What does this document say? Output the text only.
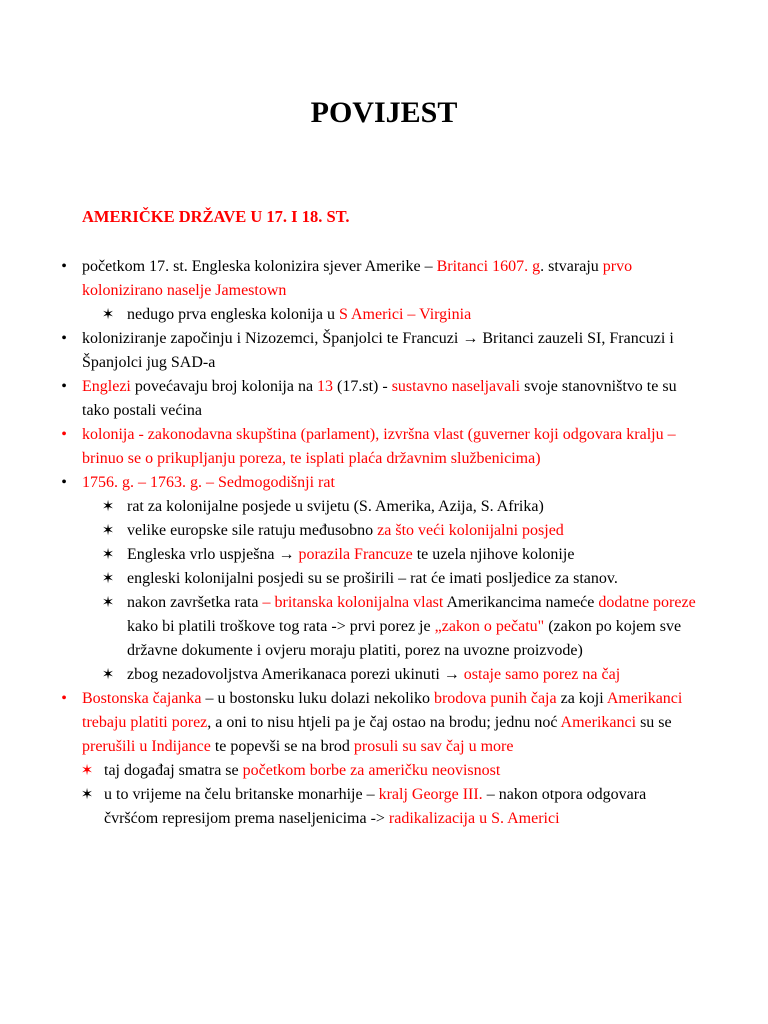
POVIJEST
AMERIČKE DRŽAVE U 17. I 18. ST.
• početkom 17. st. Engleska kolonizira sjever Amerike – Britanci 1607. g. stvaraju prvo kolonizirano naselje Jamestown
✶ nedugo prva engleska kolonija u S Americi – Virginia
• koloniziranje započinju i Nizozemci, Španjolci te Francuzi → Britanci zauzeli SI, Francuzi i Španjolci jug SAD-a
• Englezi povećavaju broj kolonija na 13 (17.st) - sustavno naseljavali svoje stanovništvo te su tako postali većina
• kolonija - zakonodavna skupština (parlament), izvršna vlast (guverner koji odgovara kralju – brinuo se o prikupljanju poreza, te isplati plaća državnim službenicima)
• 1756. g. – 1763. g. – Sedmogodišnji rat
✶ rat za kolonijalne posjede u svijetu (S. Amerika, Azija, S. Afrika)
✶ velike europske sile ratuju međusobno za što veći kolonijalni posjed
✶ Engleska vrlo uspješna → porazila Francuze te uzela njihove kolonije
✶ engleski kolonijalni posjedi su se proširili – rat će imati posljedice za stanov.
✶ nakon završetka rata – britanska kolonijalna vlast Amerikancima nameće dodatne poreze kako bi platili troškove tog rata -> prvi porez je „zakon o pečatu" (zakon po kojem sve državne dokumente i ovjeru moraju platiti, porez na uvozne proizvode)
✶ zbog nezadovoljstva Amerikanaca porezi ukinuti → ostaje samo porez na čaj
• Bostonska čajanka – u bostonsku luku dolazi nekoliko brodova punih čaja za koji Amerikanci trebaju platiti porez, a oni to nisu htjeli pa je čaj ostao na brodu; jednu noć Amerikanci su se prerušili u Indijance te popevši se na brod prosuli su sav čaj u more
✶ taj događaj smatra se početkom borbe za američku neovisnost
✶ u to vrijeme na čelu britanske monarhije – kralj George III. – nakon otpora odgovara čvršćom represijom prema naseljenicima -> radikalizacija u S. Americi
